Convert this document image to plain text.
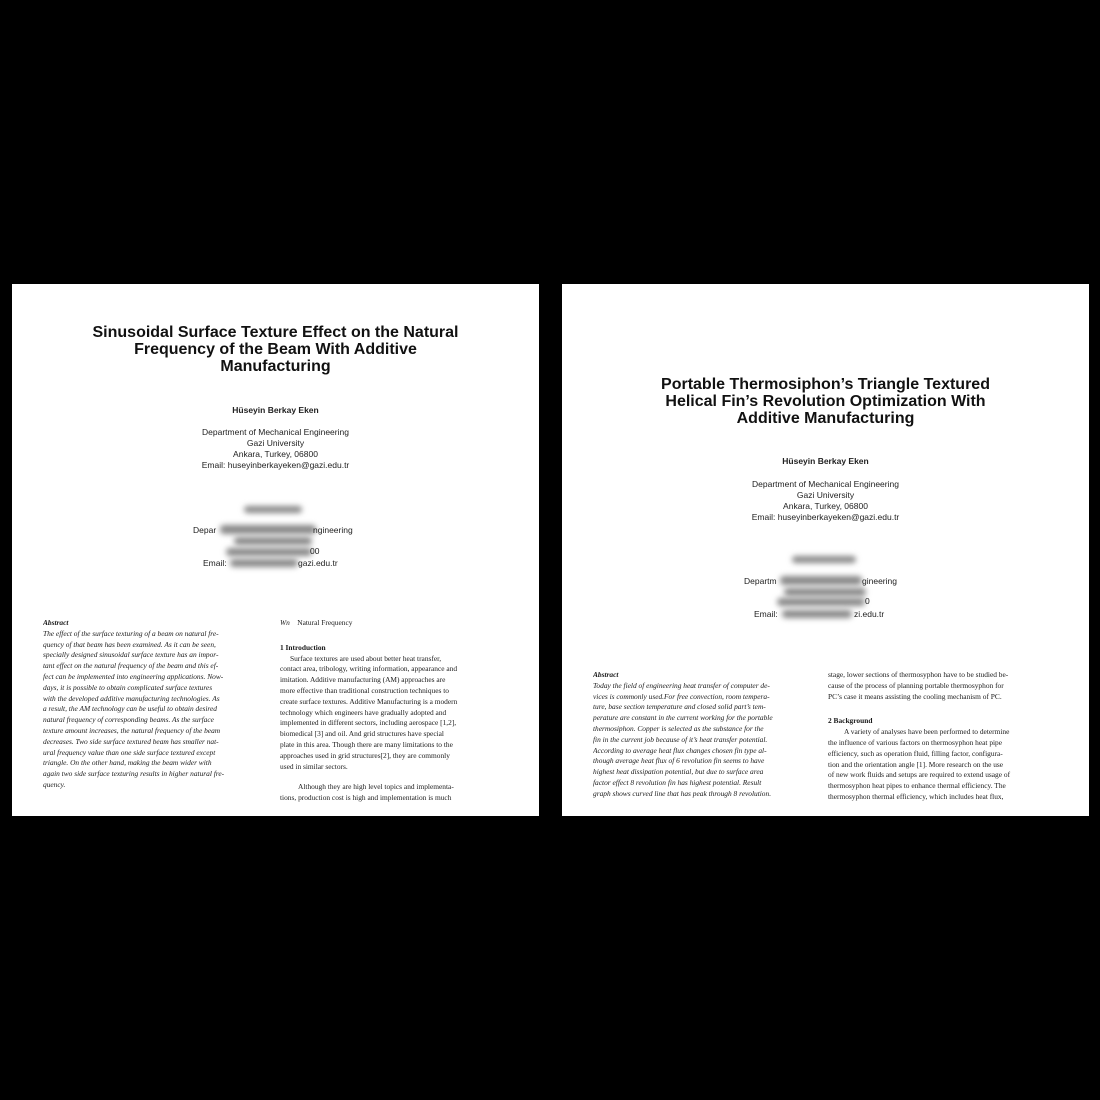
Sinusoidal Surface Texture Effect on the Natural
Frequency of the Beam With Additive
Manufacturing
Hüseyin Berkay Eken
Department of Mechanical Engineering
Gazi University
Ankara, Turkey, 06800
Email: huseyinberkayeken@gazi.edu.tr
Depar	ngineering
00
Email:	gazi.edu.tr
Abstract
The effect of the surface texturing of a beam on natural fre-
quency of that beam has been examined. As it can be seen,
specially designed sinusoidal surface texture has an impor-
tant effect on the natural frequency of the beam and this ef-
fect can be implemented into engineering applications. Now-
days, it is possible to obtain complicated surface textures
with the developed additive manufacturing technologies. As
a result, the AM technology can be useful to obtain desired
natural frequency of corresponding beams. As the surface
texture amount increases, the natural frequency of the beam
decreases. Two side surface textured beam has smaller nat-
ural frequency value than one side surface textured except
triangle. On the other hand, making the beam wider with
again two side surface texturing results in higher natural fre-
quency.
Wn Natural Frequency
1 Introduction
Surface textures are used about better heat transfer,
contact area, tribology, writing information, appearance and
imitation. Additive manufacturing (AM) approaches are
more effective than traditional construction techniques to
create surface textures. Additive Manufacturing is a modern
technology which engineers have gradually adopted and
implemented in different sectors, including aerospace [1,2],
biomedical [3] and oil. And grid structures have special
plate in this area. Though there are many limitations to the
approaches used in grid structures[2], they are commonly
used in similar sectors.
Although they are high level topics and implementa-
tions, production cost is high and implementation is much
Portable Thermosiphon’s Triangle Textured
Helical Fin’s Revolution Optimization With
Additive Manufacturing
Hüseyin Berkay Eken
Department of Mechanical Engineering
Gazi University
Ankara, Turkey, 06800
Email: huseyinberkayeken@gazi.edu.tr
Departm	gineering
0
Email:	zi.edu.tr
Abstract
Today the field of engineering heat transfer of computer de-
vices is commonly used.For free convection, room tempera-
ture, base section temperature and closed solid part’s tem-
perature are constant in the current working for the portable
thermosiphon. Copper is selected as the substance for the
fin in the current job because of it’s heat transfer potential.
According to average heat flux changes chosen fin type al-
though average heat flux of 6 revolution fin seems to have
highest heat dissipation potential, but due to surface area
factor effect 8 revolution fin has highest potential. Result
graph shows curved line that has peak through 8 revolution.
stage, lower sections of thermosyphon have to be studied be-
cause of the process of planning portable thermosyphon for
PC’s case it means assisting the cooling mechanism of PC.
2 Background
A variety of analyses have been performed to determine
the influence of various factors on thermosyphon heat pipe
efficiency, such as operation fluid, filling factor, configura-
tion and the orientation angle [1]. More research on the use
of new work fluids and setups are required to extend usage of
thermosyphon heat pipes to enhance thermal efficiency. The
thermosyphon thermal efficiency, which includes heat flux,
